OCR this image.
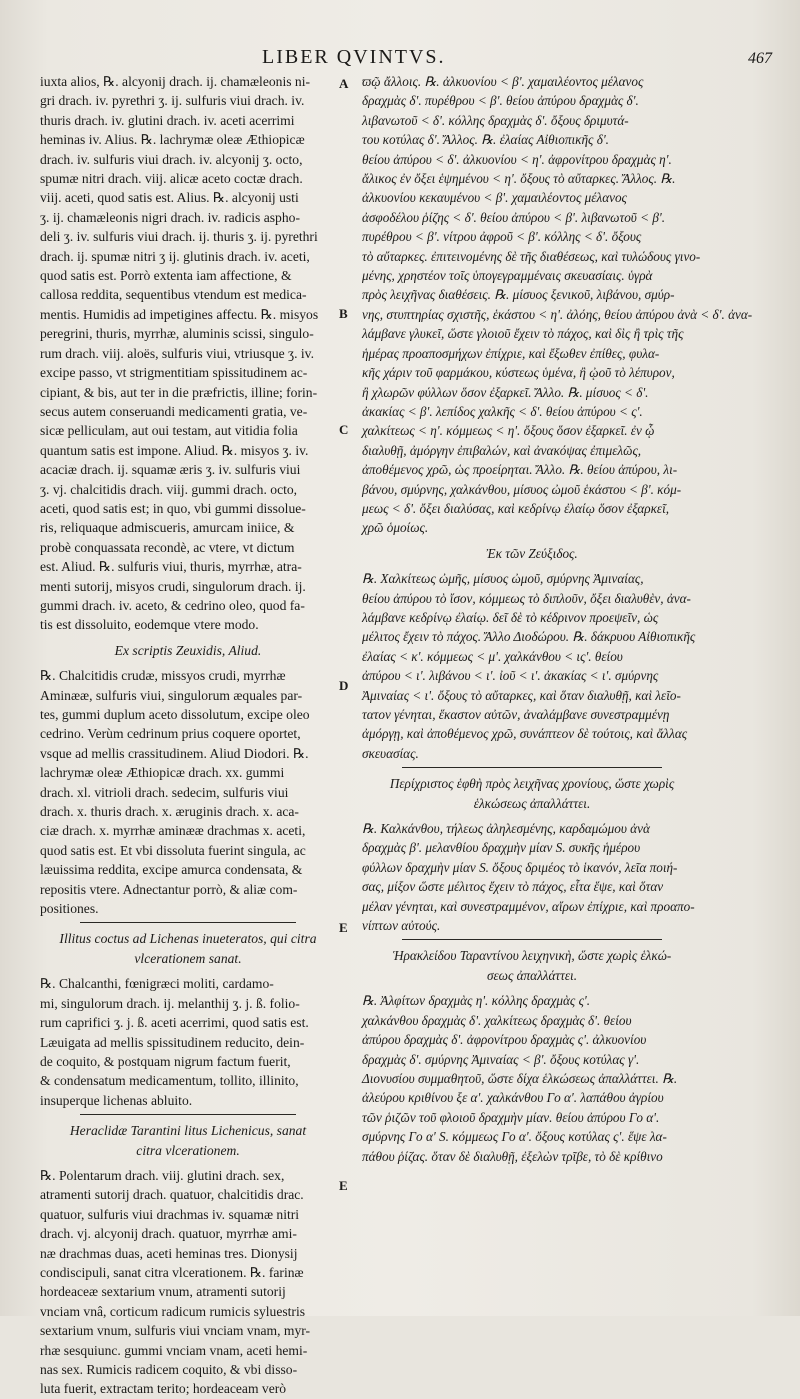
LIBER QVINTVS.	467
iuxta alios, ℞. alcyonij drach. ij. chamæleonis ni-
gri drach. iv. pyrethri ʒ. ij. sulfuris viui drach. iv.
thuris drach. iv. glutini drach. iv. aceti acerrimi
heminas iv. Alius. ℞. lachrymæ oleæ Æthiopicæ
drach. iv. sulfuris viui drach. iv. alcyonij ʒ. octo,
spumæ nitri drach. viij. alicæ aceto coctæ drach.
viij. aceti, quod satis est. Alius. ℞. alcyonij usti
ʒ. ij. chamæleonis nigri drach. iv. radicis aspho-
deli ʒ. iv. sulfuris viui drach. ij. thuris ʒ. ij. pyrethri
drach. ij. spumæ nitri ʒ ij. glutinis drach. iv. aceti,
quod satis est. Porrò extenta iam affectione, &
callosa reddita, sequentibus vtendum est medica-
mentis. Humidis ad impetigines affectu. ℞. misyos
peregrini, thuris, myrrhæ, aluminis scissi, singulo-
rum drach. viij. aloës, sulfuris viui, vtriusque ʒ. iv.
excipe passo, vt strigmentitiam spissitudinem ac-
cipiant, & bis, aut ter in die præfrictis, illine; forin-
secus autem conseruandi medicamenti gratia, ve-
sicæ pelliculam, aut oui testam, aut vitidia folia
quantum satis est impone. Aliud. ℞. misyos ʒ. iv.
acaciæ drach. ij. squamæ æris ʒ. iv. sulfuris viui
ʒ. vj. chalcitidis drach. viij. gummi drach. octo,
aceti, quod satis est; in quo, vbi gummi dissolue-
ris, reliquaque admiscueris, amurcam iniice, &
probè conquassata recondè, ac vtere, vt dictum
est. Aliud. ℞. sulfuris viui, thuris, myrrhæ, atra-
menti sutorij, misyos crudi, singulorum drach. ij.
gummi drach. iv. aceto, & cedrino oleo, quod fa-
tis est dissoluito, eodemque vtere modo.
Ex scriptis Zeuxidis, Aliud.
℞. Chalcitidis crudæ, missyos crudi, myrrhæ
Aminææ, sulfuris viui, singulorum æquales par-
tes, gummi duplum aceto dissolutum, excipe oleo
cedrino. Verùm cedrinum prius coquere oportet,
vsque ad mellis crassitudinem. Aliud Diodori. ℞.
lachrymæ oleæ Æthiopicæ drach. xx. gummi
drach. xl. vitrioli drach. sedecim, sulfuris viui
drach. x. thuris drach. x. æruginis drach. x. aca-
ciæ drach. x. myrrhæ aminææ drachmas x. aceti,
quod satis est. Et vbi dissoluta fuerint singula, ac
læuissima reddita, excipe amurca condensata, &
repositis vtere. Adnectantur porrò, & aliæ com-
positiones.
Illitus coctus ad Lichenas inueteratos, qui citra
vlcerationem sanat.
℞. Chalcanthi, fœnigræci moliti, cardamo-
mi, singulorum drach. ij. melanthij ʒ. j. ß. folio-
rum caprifici ʒ. j. ß. aceti acerrimi, quod satis est.
Læuigata ad mellis spissitudinem reducito, dein-
de coquito, & postquam nigrum factum fuerit,
& condensatum medicamentum, tollito, illinito,
insuperque lichenas abluito.
Heraclidæ Tarantini litus Lichenicus, sanat
citra vlcerationem.
℞. Polentarum drach. viij. glutini drach. sex,
atramenti sutorij drach. quatuor, chalcitidis drac.
quatuor, sulfuris viui drachmas iv. squamæ nitri
drach. vj. alcyonij drach. quatuor, myrrhæ ami-
næ drachmas duas, aceti heminas tres. Dionysij
condiscipuli, sanat citra vlcerationem. ℞. farinæ
hordeaceæ sextarium vnum, atramenti sutorij
vnciam vnâ, corticum radicum rumicis syluestris
sextarium vnum, sulfuris viui vnciam vnam, myr-
rhæ sesquiunc. gummi vnciam vnam, aceti hemi-
nas sex. Rumicis radicem coquito, & vbi disso-
luta fuerit, extractam terito; hordeaceam verò
A
B
C
D
E
E
ϖῷ ἄλλοις. ℞. ἀλκυονίου < β'. χαμαιλέοντος μέλανος
δραχμὰς δ'. πυρέθρου < β'. θείου ἀπύρου δραχμὰς δ'.
λιβανωτοῦ < δ'. κόλλης δραχμὰς δ'. ὄξους δριμυτά-
του κοτύλας δ'. Ἄλλος. ℞. ἐλαίας Αἰθιοπικῆς δ'.
θείου ἀπύρου < δ'. ἀλκυονίου < η'. ἀφρονίτρου δραχμὰς η'.
ἄλικος ἐν ὄξει ἑψημένου < η'. ὄξους τὸ αὔταρκες. Ἄλλος. ℞.
ἀλκυονίου κεκαυμένου < β'. χαμαιλέοντος μέλανος
ἀσφοδέλου ῥίζης < δ'. θείου ἀπύρου < β'. λιβανωτοῦ < β'.
πυρέθρου < β'. νίτρου ἀφροῦ < β'. κόλλης < δ'. ὄξους
τὸ αὔταρκες. ἐπιτεινομένης δὲ τῆς διαθέσεως, καὶ τυλώδους γινο-
μένης, χρηστέον τοῖς ὑπογεγραμμέναις σκευασίαις. ὑγρὰ
πρὸς λειχῆνας διαθέσεις. ℞. μίσυος ξενικοῦ, λιβάνου, σμύρ-
νης, στυπτηρίας σχιστῆς, ἑκάστου < η'. ἀλόης, θείου ἀπύρου ἀνὰ < δ'. ἀνα-
λάμβανε γλυκεῖ, ὥστε γλοιοῦ ἔχειν τὸ πάχος, καὶ δὶς ἢ τρὶς τῆς
ἡμέρας προαποσμήχων ἐπίχριε, καὶ ἔξωθεν ἐπίθες, φυλα-
κῆς χάριν τοῦ φαρμάκου, κύστεως ὑμένα, ἢ ᾠοῦ τὸ λέπυρον,
ἢ χλωρῶν φύλλων ὅσον ἐξαρκεῖ. Ἄλλο. ℞. μίσυος < δ'.
ἀκακίας < β'. λεπίδος χαλκῆς < δ'. θείου ἀπύρου < ς'.
χαλκίτεως < η'. κόμμεως < η'. ὄξους ὅσον ἐξαρκεῖ. ἐν ᾧ
διαλυθῇ, ἀμόργην ἐπιβαλών, καὶ ἀνακόψας ἐπιμελῶς,
ἀποθέμενος χρῶ, ὡς προείρηται. Ἄλλο. ℞. θείου ἀπύρου, λι-
βάνου, σμύρνης, χαλκάνθου, μίσυος ὠμοῦ ἑκάστου < β'. κόμ-
μεως < δ'. ὄξει διαλύσας, καὶ κεδρίνῳ ἐλαίῳ ὅσον ἐξαρκεῖ,
χρῶ ὁμοίως.
Ἐκ τῶν Ζεύξιδος.
℞. Χαλκίτεως ὠμῆς, μίσυος ὠμοῦ, σμύρνης Ἀμιναίας,
θείου ἀπύρου τὸ ἴσον, κόμμεως τὸ διπλοῦν, ὄξει διαλυθὲν, ἀνα-
λάμβανε κεδρίνῳ ἐλαίῳ. δεῖ δὲ τὸ κέδρινον προεψεῖν, ὡς
μέλιτος ἔχειν τὸ πάχος. Ἄλλο Διοδώρου. ℞. δάκρυου Αἰθιοπικῆς
ἐλαίας < κ'. κόμμεως < μ'. χαλκάνθου < ις'. θείου
ἀπύρου < ι'. λιβάνου < ι'. ἰοῦ < ι'. ἀκακίας < ι'. σμύρνης
Ἀμιναίας < ι'. ὄξους τὸ αὔταρκες, καὶ ὅταν διαλυθῇ, καὶ λεῖο-
τατον γένηται, ἕκαστον αὐτῶν, ἀναλάμβανε συνεστραμμένῃ
ἀμόργῃ, καὶ ἀποθέμενος χρῶ, συνάπτεον δὲ τούτοις, καὶ ἄλλας
σκευασίας.
Περίχριστος ἑφθὴ πρὸς λειχῆνας χρονίους, ὥστε χωρὶς
ἑλκώσεως ἀπαλλάττει.
℞. Καλκάνθου, τήλεως ἀληλεσμένης, καρδαμώμου ἀνὰ
δραχμὰς β'. μελανθίου δραχμὴν μίαν S. συκῆς ἡμέρου
φύλλων δραχμὴν μίαν S. ὄξους δριμέος τὸ ἱκανόν, λεῖα ποιή-
σας, μίξον ὥστε μέλιτος ἔχειν τὸ πάχος, εἶτα ἕψε, καὶ ὅταν
μέλαν γένηται, καὶ συνεστραμμένον, αἴρων ἐπίχριε, καὶ προαπο-
νίπτων αὐτούς.
Ἡρακλείδου Ταραντίνου λειχηνικὴ, ὥστε χωρὶς ἑλκώ-
σεως ἀπαλλάττει.
℞. Ἀλφίτων δραχμὰς η'. κόλλης δραχμὰς ς'.
χαλκάνθου δραχμὰς δ'. χαλκίτεως δραχμὰς δ'. θείου
ἀπύρου δραχμὰς δ'. ἀφρονίτρου δραχμὰς ς'. ἀλκυονίου
δραχμὰς δ'. σμύρνης Ἀμιναίας < β'. ὄξους κοτύλας γ'.
Διονυσίου συμμαθητοῦ, ὥστε δίχα ἑλκώσεως ἀπαλλάττει. ℞.
ἀλεύρου κριθίνου ξε α'. χαλκάνθου Γο α'. λαπάθου ἀγρίου
τῶν ῥιζῶν τοῦ φλοιοῦ δραχμὴν μίαν. θείου ἀπύρου Γο α'.
σμύρνης Γο α' S. κόμμεως Γο α'. ὄξους κοτύλας ς'. ἕψε λα-
πάθου ῥίζας. ὅταν δὲ διαλυθῇ, ἐξελὼν τρῖβε, τὸ δὲ κρίθινο
